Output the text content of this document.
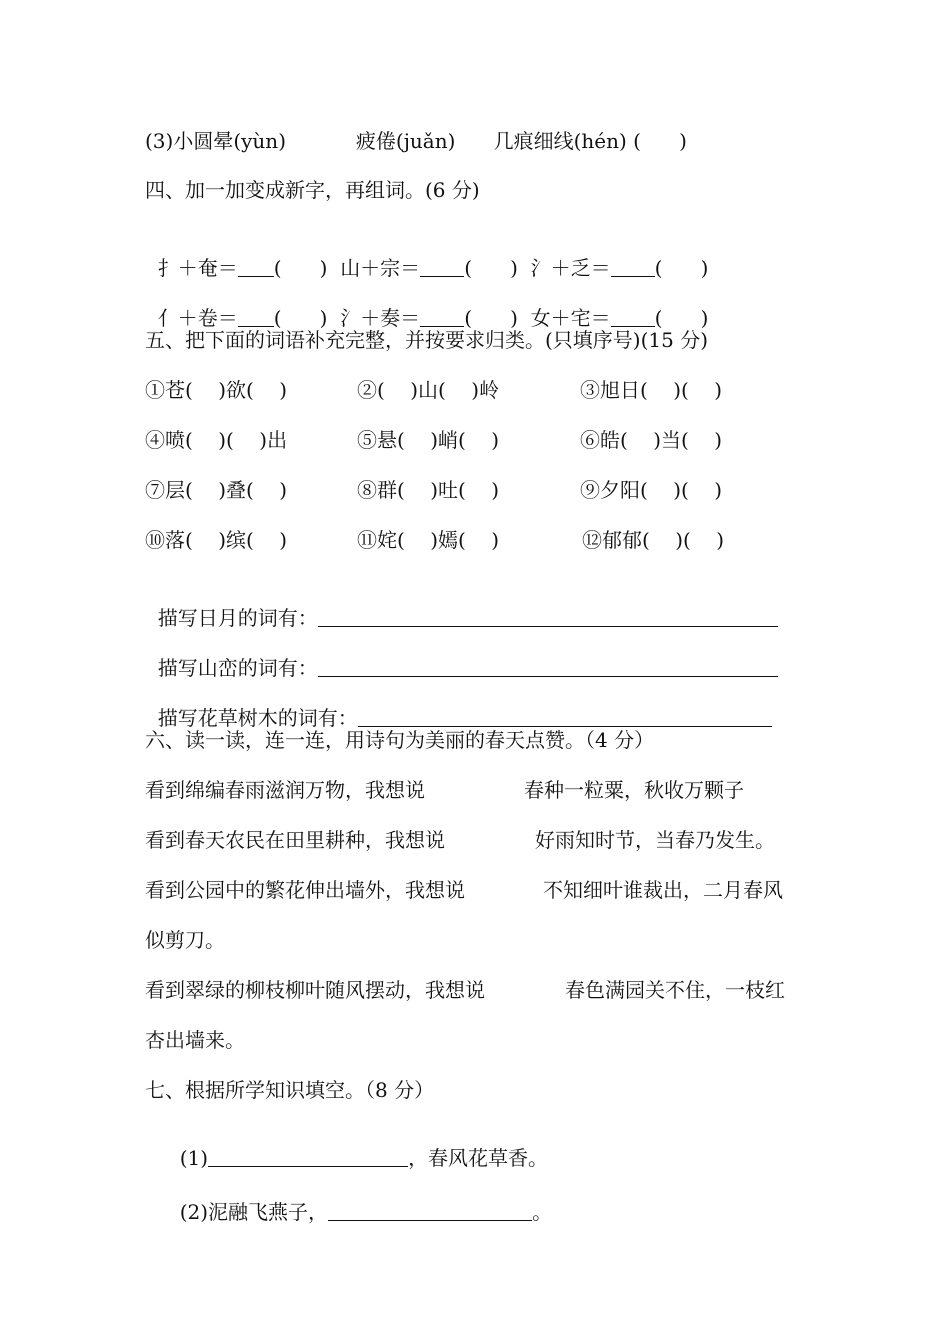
(3)小圆晕(yùn)           疲倦(juǎn)      几痕细线(hén) (      )
四、加一加变成新字，再组词。(6 分)

扌＋奄＝ (      ) 山＋宗＝ (      ) 氵＋乏＝ (      )

亻＋卷＝ (      ) 氵＋奏＝ (      ) 女＋宅＝ (      )

五、把下面的词语补充完整，并按要求归类。(只填序号)(15 分)
①苍(    )欲(    )	②(    )山(    )岭	③旭日(    )(    )
④喷(    )(    )出	⑤悬(    )峭(    )	⑥皓(    )当(    )
⑦层(    )叠(    )	⑧群(    )吐(    )	⑨夕阳(    )(    )
⑩落(    )缤(    )	⑪姹(    )嫣(    )	⑫郁郁(    )(    )

描写日月的词有：

描写山峦的词有：

描写花草树木的词有：

六、读一读，连一连，用诗句为美丽的春天点赞。（4 分）
看到绵编春雨滋润万物，我想说	春种一粒粟，秋收万颗子
看到春天农民在田里耕种，我想说	好雨知时节，当春乃发生。
看到公园中的繁花伸出墙外，我想说	不知细叶谁裁出，二月春风
似剪刀。
看到翠绿的柳枝柳叶随风摆动，我想说	春色满园关不住，一枝红
杏出墙来。
七、根据所学知识填空。（8 分）

(1)	，春风花草香。

(2)泥融飞燕子，	。
